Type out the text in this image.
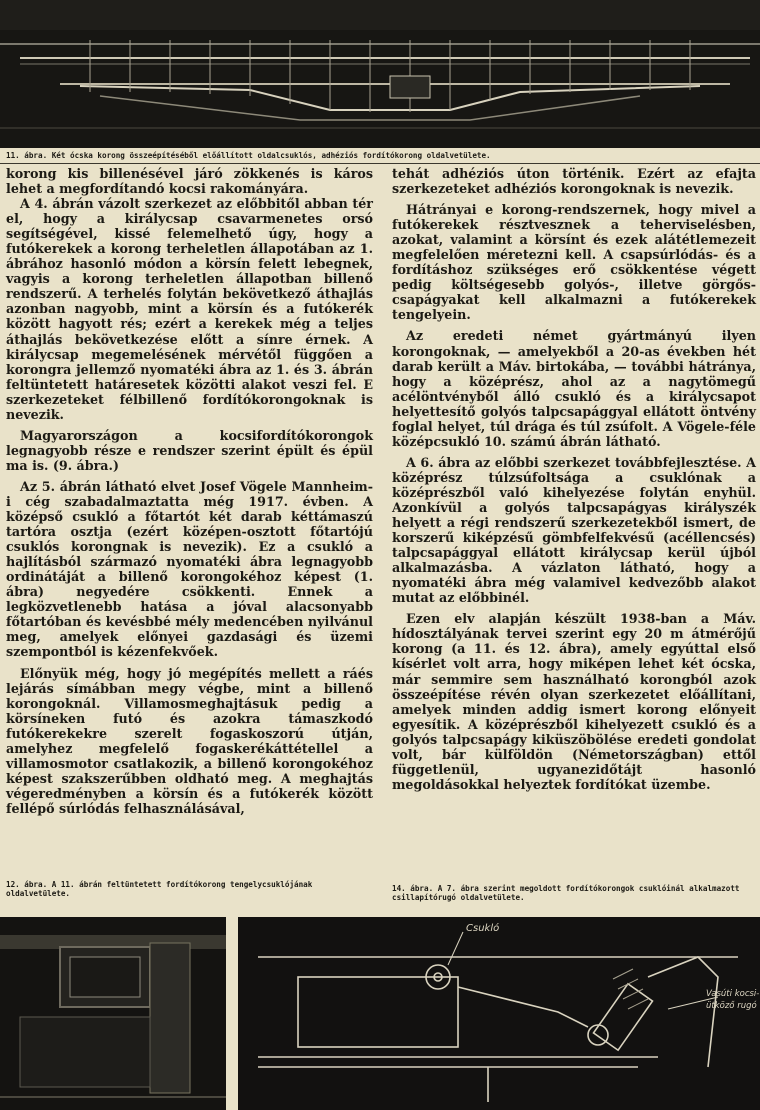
11. ábra. Két ócska korong összeépítéséből előállított oldalcsuklós, adhéziós fordítókorong oldalvetülete.

korong kis billenésével járó zökkenés is káros lehet a megfordítandó kocsi rakományára.

A 4. ábrán vázolt szerkezet az előbbitől abban tér el, hogy a királycsap csavarmenetes orsó segítségével, kissé felemelhető úgy, hogy a futókerekek a korong terheletlen állapotában az 1. ábrához hasonló módon a körsín felett lebegnek, vagyis a korong terheletlen állapotban billenő rendszerű. A terhelés folytán bekövetkező áthajlás azonban nagyobb, mint a körsín és a futókerék között hagyott rés; ezért a kerekek még a teljes áthajlás bekövetkezése előtt a sínre érnek. A királycsap megemelésének mérvétől függően a korongra jellemző nyomatéki ábra az 1. és 3. ábrán feltüntetett határesetek közötti alakot veszi fel. E szerkezeteket félbillenő fordítókorongoknak is nevezik.

Magyarországon a kocsifordítókorongok legnagyobb része e rendszer szerint épült és épül ma is. (9. ábra.)

Az 5. ábrán látható elvet Josef Vögele Mannheim-i cég szabadalmaztatta még 1917. évben. A középső csukló a főtartót két darab kéttámaszú tartóra osztja (ezért középen-osztott főtartójú csuklós korongnak is nevezik). Ez a csukló a hajlításból származó nyomatéki ábra legnagyobb ordinátáját a billenő korongokéhoz képest (1. ábra) negyedére csökkenti. Ennek a legközvetlenebb hatása a jóval alacsonyabb főtartóban és kevésbbé mély medencében nyilvánul meg, amelyek előnyei gazdasági és üzemi szempontból is kézenfekvőek.

Előnyük még, hogy jó megépítés mellett a ráés lejárás símábban megy végbe, mint a billenő korongoknál. Villamosmeghajtásuk pedig a körsíneken futó és azokra támaszkodó futókerekekre szerelt fogaskoszorú útján, amelyhez megfelelő fogaskerékáttétellel a villamosmotor csatlakozik, a billenő korongokéhoz képest szakszerűbben oldható meg. A meghajtás végeredményben a körsín és a futókerék között fellépő súrlódás felhasználásával,

tehát adhéziós úton történik. Ezért az efajta szerkezeteket adhéziós korongoknak is nevezik.

Hátrányai e korong-rendszernek, hogy mivel a futókerekek résztvesznek a teherviselésben, azokat, valamint a körsínt és ezek alátétlemezeit megfelelően méretezni kell. A csapsúrlódás- és a fordításhoz szükséges erő csökkentése végett pedig költségesebb golyós-, illetve görgős-csapágyakat kell alkalmazni a futókerekek tengelyein.

Az eredeti német gyártmányú ilyen korongoknak, — amelyekből a 20-as években hét darab került a Máv. birtokába, — további hátránya, hogy a középrész, ahol az a nagytömegű acélöntvényből álló csukló és a királycsapot helyettesítő golyós talpcsapággyal ellátott öntvény foglal helyet, túl drága és túl zsúfolt. A Vögele-féle középcsukló 10. számú ábrán látható.

A 6. ábra az előbbi szerkezet továbbfejlesztése. A középrész túlzsúfoltsága a csuklónak a középrészből való kihelyezése folytán enyhül. Azonkívül a golyós talpcsapágyas királyszék helyett a régi rendszerű szerkezetekből ismert, de korszerű kiképzésű gömbfelfekvésű (acéllencsés) talpcsapággyal ellátott királycsap kerül újból alkalmazásba. A vázlaton látható, hogy a nyomatéki ábra még valamivel kedvezőbb alakot mutat az előbbinél.

Ezen elv alapján készült 1938-ban a Máv. hídosztályának tervei szerint egy 20 m átmérőjű korong (a 11. és 12. ábra), amely egyúttal első kísérlet volt arra, hogy miképen lehet két ócska, már semmire sem használható korongból azok összeépítése révén olyan szerkezetet előállítani, amelyek minden addig ismert korong előnyeit egyesítik. A középrészből kihelyezett csukló és a golyós talpcsapágy kiküszöbölése eredeti gondolat volt, bár külföldön (Németországban) ettől függetlenül, ugyanezidőtájt hasonló megoldásokkal helyeztek fordítókat üzembe.

12. ábra. A 11. ábrán feltüntetett fordítókorong tengelycsuklójának oldalvetülete.
14. ábra. A 7. ábra szerint megoldott fordítókorongok csuklóinál alkalmazott csillapítórugó oldalvetülete.
Csukló
Vasúti kocsi-
ütköző rugó
